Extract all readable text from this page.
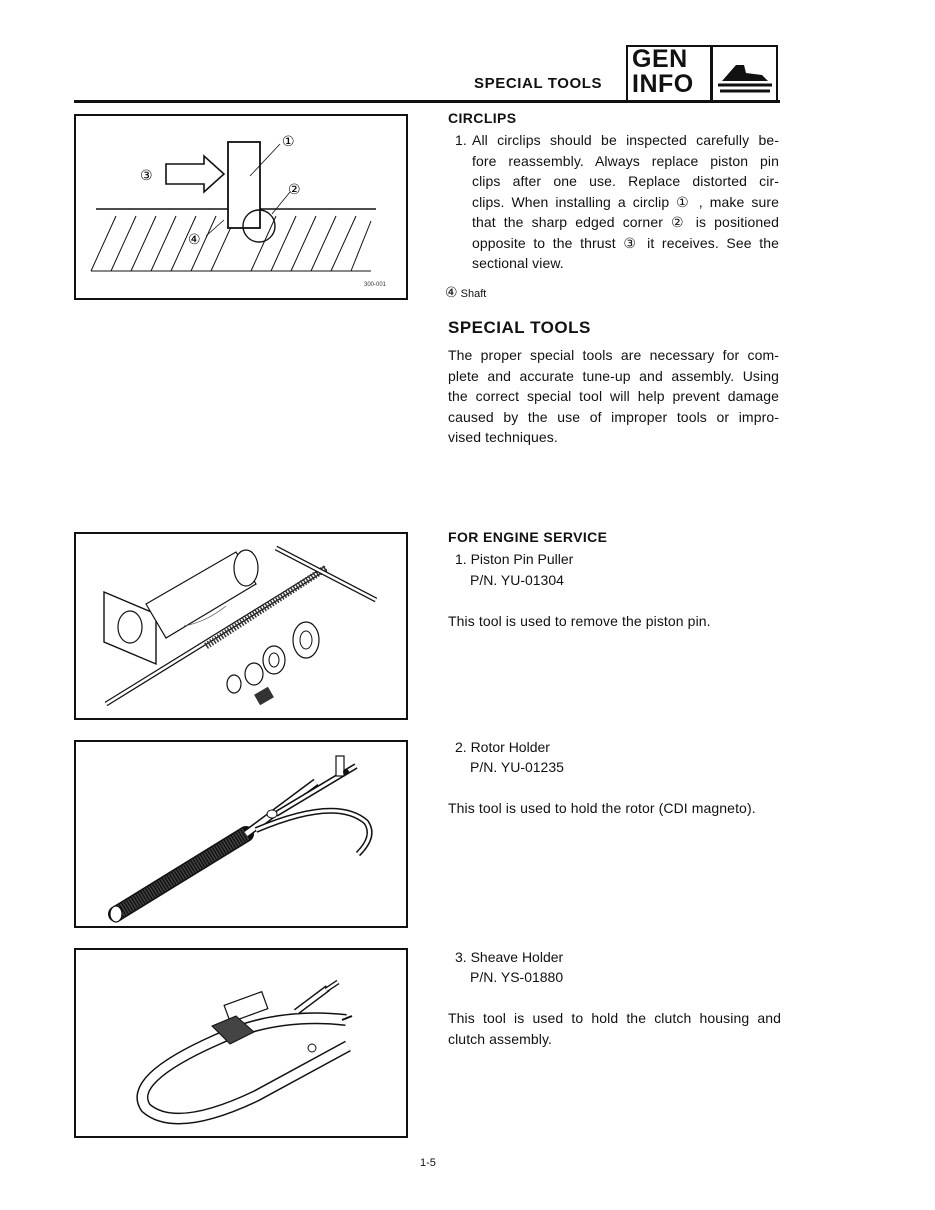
SPECIAL TOOLS
GEN
INFO
①
②
③
④
300-001
CIRCLIPS
1. All circlips should be inspected carefully be-
fore reassembly. Always replace piston pin
clips after one use. Replace distorted cir-
clips. When installing a circlip ① , make sure
that the sharp edged corner ② is positioned
opposite to the thrust ③ it receives. See the
sectional view.
④ Shaft
SPECIAL TOOLS
The proper special tools are necessary for com-
plete and accurate tune-up and assembly. Using
the correct special tool will help prevent damage
caused by the use of improper tools or impro-
vised techniques.
FOR ENGINE SERVICE
1. Piston Pin Puller
P/N. YU-01304
This tool is used to remove the piston pin.
2. Rotor Holder
P/N. YU-01235
This tool is used to hold the rotor (CDI magneto).
3. Sheave Holder
P/N. YS-01880
This tool is used to hold the clutch housing and
clutch assembly.
1-5
